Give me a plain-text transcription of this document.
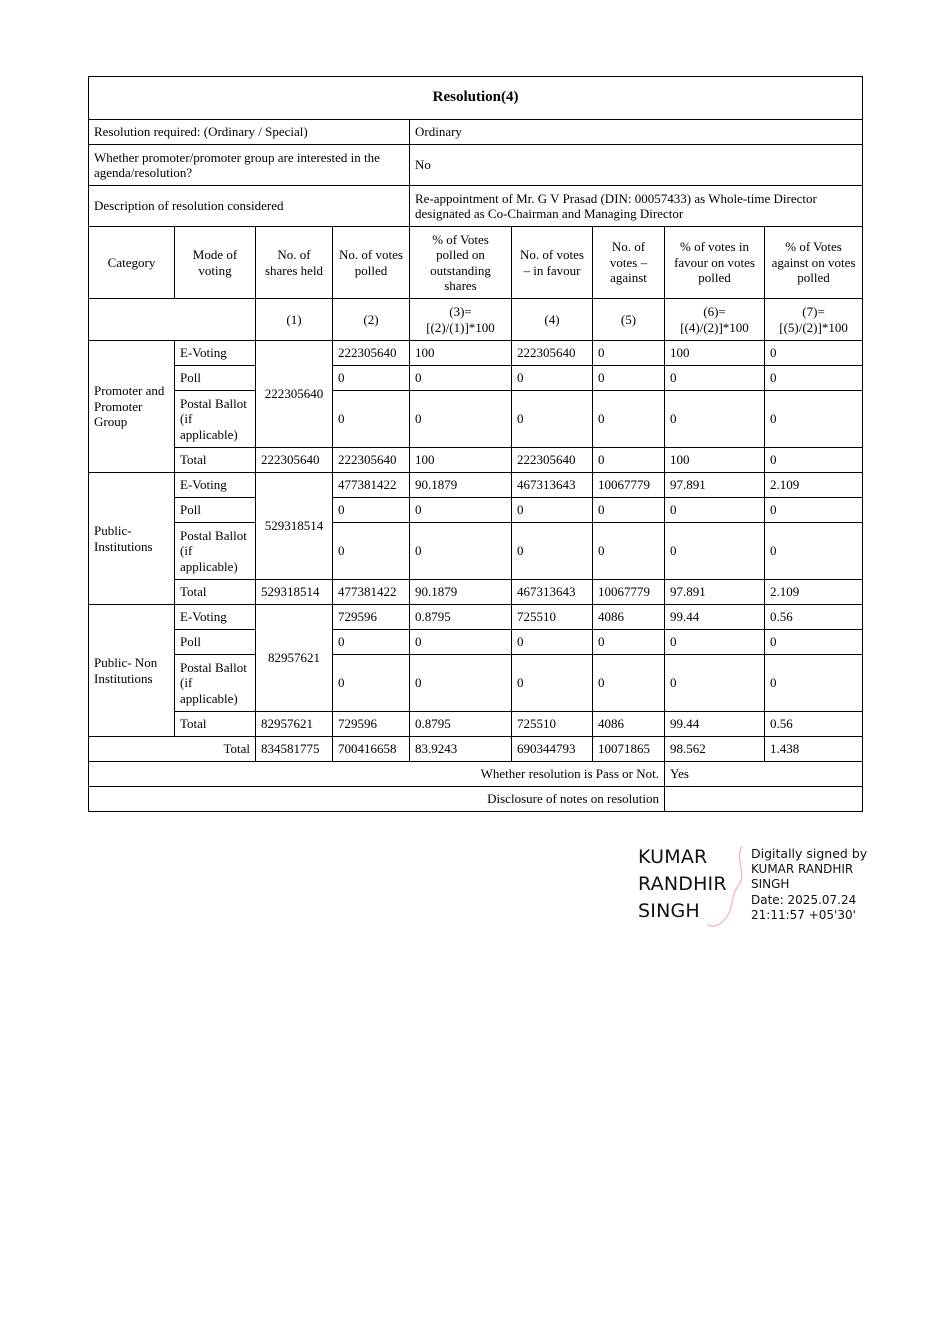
Resolution(4)								
Resolution required: (Ordinary / Special)				Ordinary				
Whether promoter/promoter group are interested in the agenda/resolution?				No				
Description of resolution considered				Re-appointment of Mr. G V Prasad (DIN: 00057433) as Whole-time Director designated as Co-Chairman and Managing Director				
Category	Mode of voting	No. of shares held	No. of votes polled	% of Votes polled on outstanding shares	No. of votes – in favour	No. of votes – against	% of votes in favour on votes polled	% of Votes against on votes polled
		(1)	(2)	(3)= [(2)/(1)]*100	(4)	(5)	(6)= [(4)/(2)]*100	(7)= [(5)/(2)]*100
Promoter and Promoter Group	E-Voting	222305640	222305640	100	222305640	0	100	0
	Poll		0	0	0	0	0	0
	Postal Ballot (if applicable)		0	0	0	0	0	0
	Total	222305640	222305640	100	222305640	0	100	0
Public- Institutions	E-Voting	529318514	477381422	90.1879	467313643	10067779	97.891	2.109
	Poll		0	0	0	0	0	0
	Postal Ballot (if applicable)		0	0	0	0	0	0
	Total	529318514	477381422	90.1879	467313643	10067779	97.891	2.109
Public- Non Institutions	E-Voting	82957621	729596	0.8795	725510	4086	99.44	0.56
	Poll		0	0	0	0	0	0
	Postal Ballot (if applicable)		0	0	0	0	0	0
	Total	82957621	729596	0.8795	725510	4086	99.44	0.56
Total		834581775	700416658	83.9243	690344793	10071865	98.562	1.438
Whether resolution is Pass or Not.							Yes	
Disclosure of notes on resolution								
KUMAR
RANDHIR
SINGH
Digitally signed by
KUMAR RANDHIR
SINGH
Date: 2025.07.24
21:11:57 +05'30'
